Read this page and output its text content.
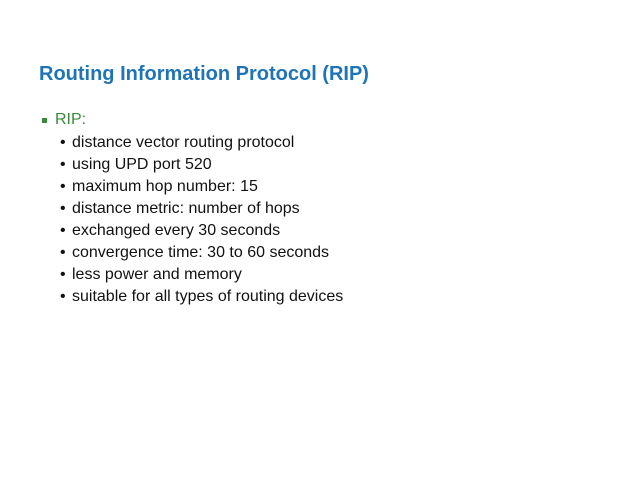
Routing Information Protocol (RIP)
RIP:
• distance vector routing protocol
• using UPD port 520
• maximum hop number: 15
• distance metric: number of hops
• exchanged every 30 seconds
• convergence time: 30 to 60 seconds
• less power and memory
• suitable for all types of routing devices
